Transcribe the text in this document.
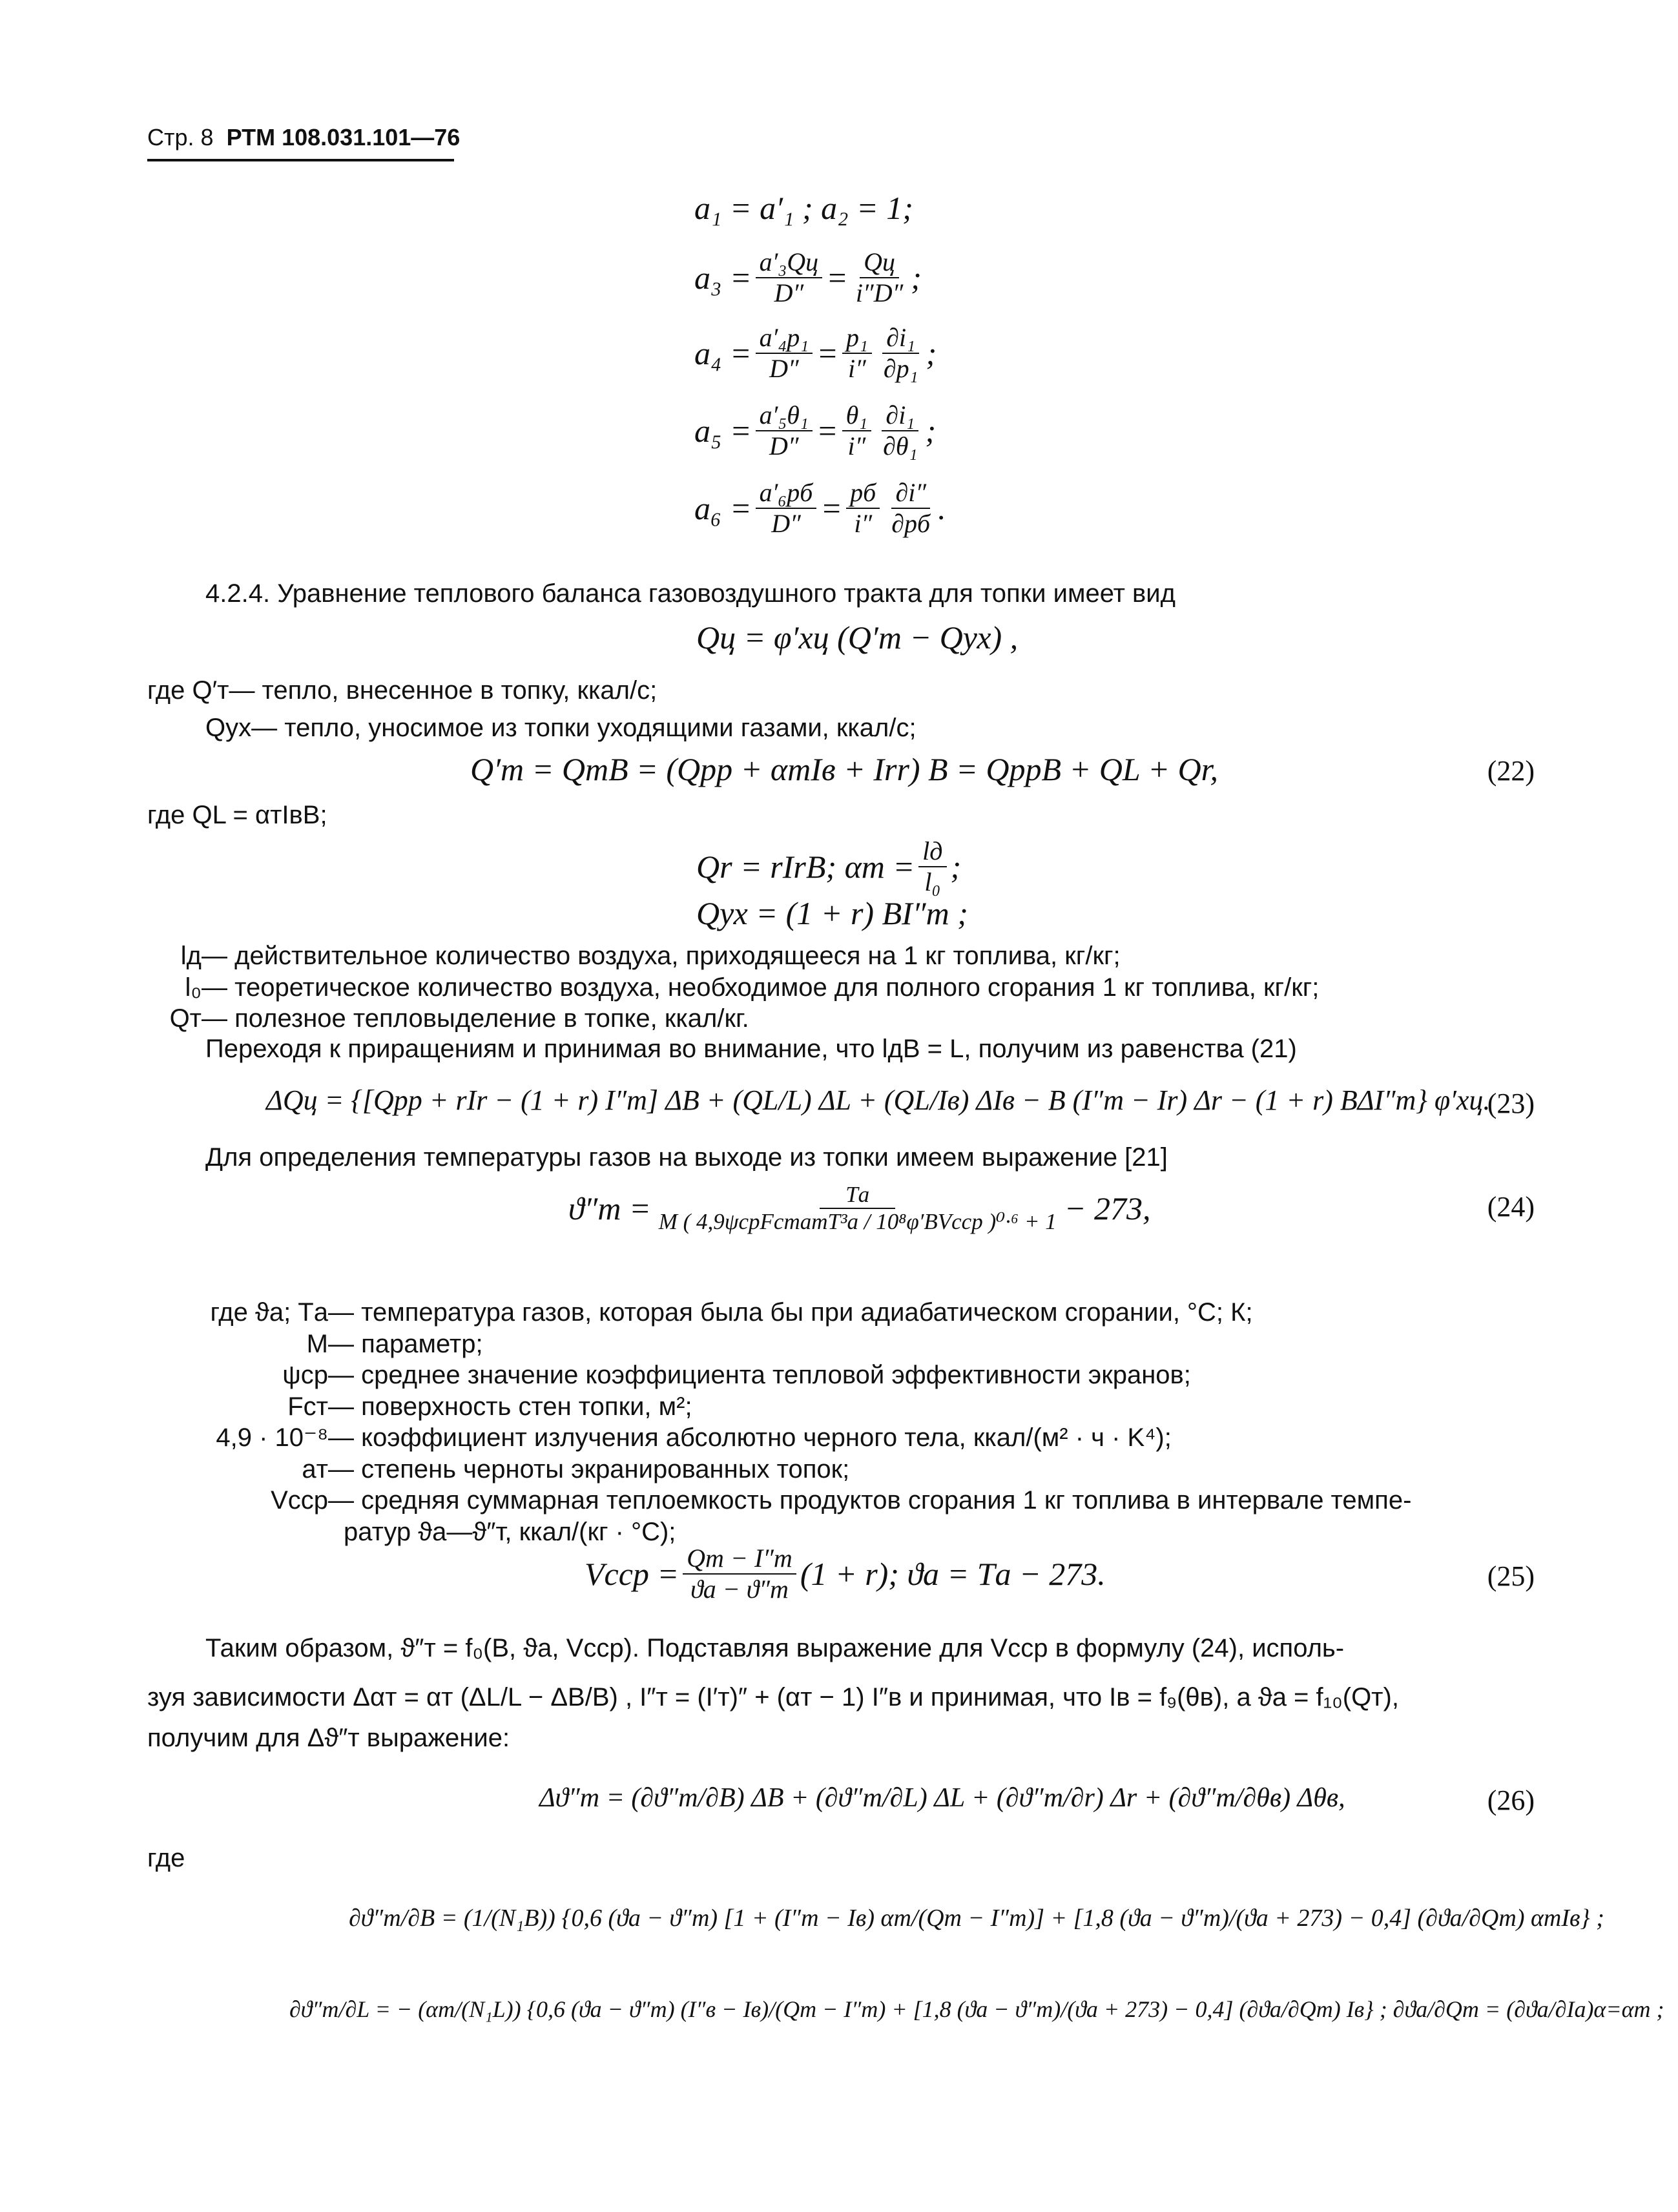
Стр. 8 РТМ 108.031.101—76
a₁ = a′₁ ; a₂ = 1;
$a_3 = \frac{\text{a′₃Qц}}{D''} = \frac{Qц}{i''D''}$ ;
$a_4 = \frac{\text{a′₄p₁}}{D''} = \frac{\text{p₁}}{i''} \frac{\text{∂i₁}}{\text{∂p₁}}$ ;
$a_5 = \frac{\text{a′₅θ₁}}{D''} = \frac{\text{θ₁}}{i''} \frac{\text{∂i₁}}{\text{∂θ₁}}$ ;
$a_6 = \frac{\text{a′₆pб}}{D''} = \frac{pб}{i''} \frac{\partial i''}{\partial pб}$ .
4.2.4. Уравнение теплового баланса газовоздушного тракта для топки имеет вид
Qц = φ′xц (Q′т − Qух) ,
где Q′т— тепло, внесенное в топку, ккал/с;
Qух— тепло, уносимое из топки уходящими газами, ккал/с;
Q′т = QтB = (Qрр + αтIв + Irr) B = QррB + QL + Qr,	(22)
где QL = αтIвB;
Qr = rIrB; $\alpha т = \frac{lд}{\text{l₀}}$ ;
Qух = (1 + r) BI″т ;
lд — действительное количество воздуха, приходящееся на 1 кг топлива, кг/кг;
l₀ — теоретическое количество воздуха, необходимое для полного сгорания 1 кг топлива, кг/кг;
Qт — полезное тепловыделение в топке, ккал/кг.
Переходя к приращениям и принимая во внимание, что lдB = L, получим из равенства (21)
ΔQц = {[Qрр + rIr − (1 + r) I″т] ΔB + (QL/L) ΔL + (QL/Iв) ΔIв − B (I″т − Ir) Δr − (1 + r) BΔI″т} φ′xц.
(23)
Для определения температуры газов на выходе из топки имеем выражение [21]
$ϑ''т = \frac{Tа}{\text{M ( 4,9ψсрFстaтT³а / 10⁸φ′BVcср )⁰·⁶ + 1}} - 273$,	(24)
где ϑа; Tа — температура газов, которая была бы при адиабатическом сгорании, °С; К;
M — параметр;
ψср — среднее значение коэффициента тепловой эффективности экранов;
Fст — поверхность стен топки, м²;
4,9 · 10⁻⁸ — коэффициент излучения абсолютно черного тела, ккал/(м² · ч · K⁴);
aт — степень черноты экранированных топок;
Vcср — средняя суммарная теплоемкость продуктов сгорания 1 кг топлива в интервале темпе-
ратур ϑа—ϑ″т, ккал/(кг · °С);
Vcср = $\frac{Qт - I''т}{ϑа - ϑ''т} (1 + r)$; ϑа = Tа − 273.	(25)
Таким образом, ϑ″т = f₀(B, ϑа, Vcср). Подставляя выражение для Vcср в формулу (24), исполь-
зуя зависимости Δαт = αт (ΔL/L − ΔB/B) , I″т = (I′т)″ + (αт − 1) I″в и принимая, что Iв = f₉(θв), а ϑа = f₁₀(Qт),
получим для Δϑ″т выражение:
Δϑ″т = (∂ϑ″т/∂B) ΔB + (∂ϑ″т/∂L) ΔL + (∂ϑ″т/∂r) Δr + (∂ϑ″т/∂θв) Δθв,	(26)
где
∂ϑ″т/∂B = (1/(N₁B)) {0,6 (ϑа − ϑ″т) [1 + (I″т − Iв) αт/(Qт − I″т)] + [1,8 (ϑа − ϑ″т)/(ϑа + 273) − 0,4] (∂ϑа/∂Qт) αтIв} ;
∂ϑ″т/∂L = − (αт/(N₁L)) {0,6 (ϑа − ϑ″т) (I″в − Iв)/(Qт − I″т) + [1,8 (ϑа − ϑ″т)/(ϑа + 273) − 0,4] (∂ϑа/∂Qт) Iв} ; ∂ϑа/∂Qт = (∂ϑа/∂Iа)α=αт ;
